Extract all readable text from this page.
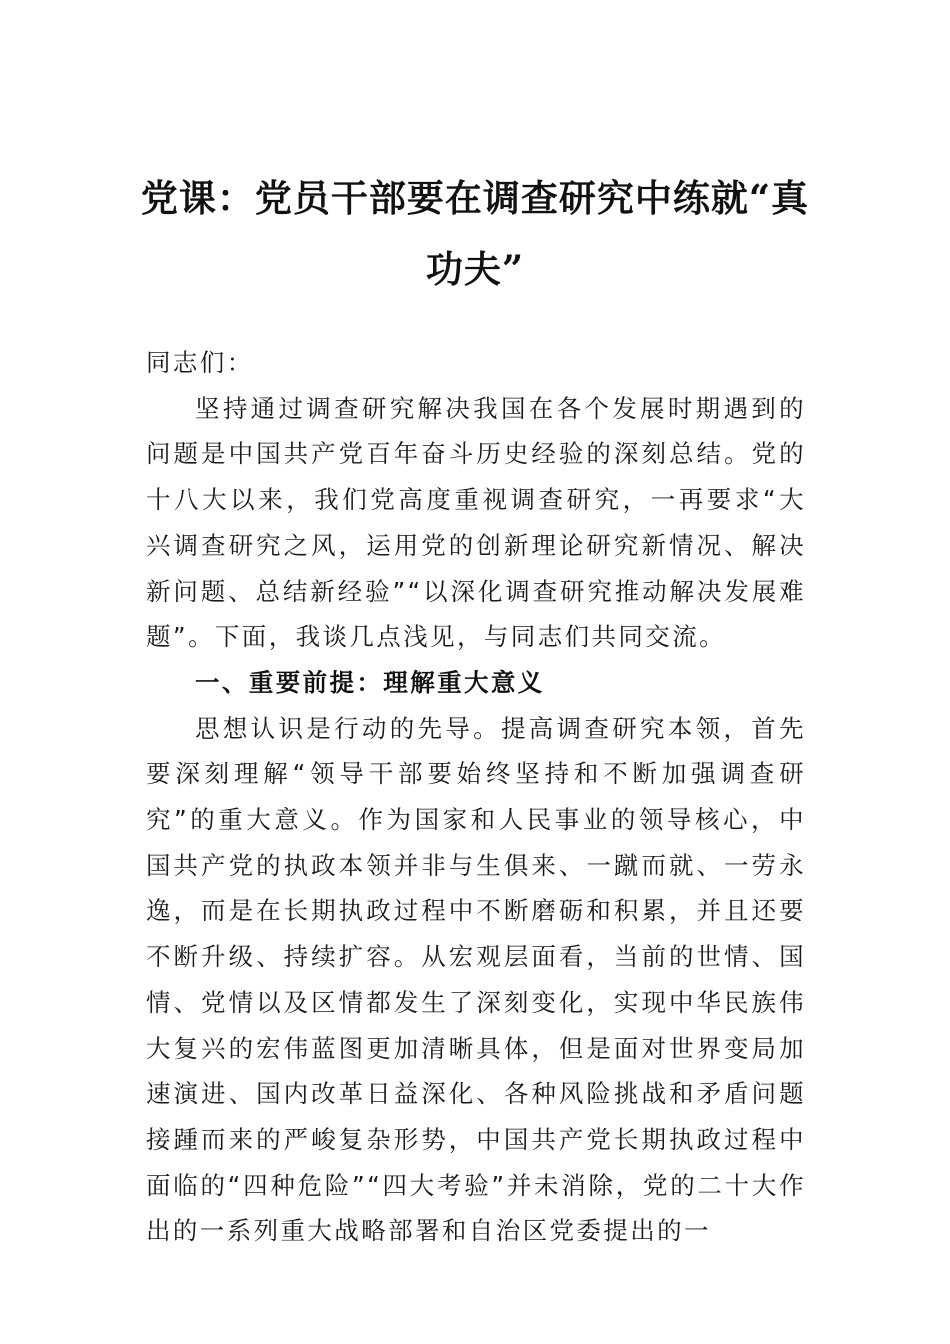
党课：党员干部要在调查研究中练就“真功夫”

同志们：

坚持通过调查研究解决我国在各个发展时期遇到的问题是中国共产党百年奋斗历史经验的深刻总结。党的十八大以来，我们党高度重视调查研究，一再要求“大兴调查研究之风，运用党的创新理论研究新情况、解决新问题、总结新经验”“以深化调查研究推动解决发展难题”。下面，我谈几点浅见，与同志们共同交流。

一、重要前提：理解重大意义

思想认识是行动的先导。提高调查研究本领，首先要深刻理解“领导干部要始终坚持和不断加强调查研究”的重大意义。作为国家和人民事业的领导核心，中国共产党的执政本领并非与生俱来、一蹴而就、一劳永逸，而是在长期执政过程中不断磨砺和积累，并且还要不断升级、持续扩容。从宏观层面看，当前的世情、国情、党情以及区情都发生了深刻变化，实现中华民族伟大复兴的宏伟蓝图更加清晰具体，但是面对世界变局加速演进、国内改革日益深化、各种风险挑战和矛盾问题接踵而来的严峻复杂形势，中国共产党长期执政过程中面临的“四种危险”“四大考验”并未消除，党的二十大作出的一系列重大战略部署和自治区党委提出的一
